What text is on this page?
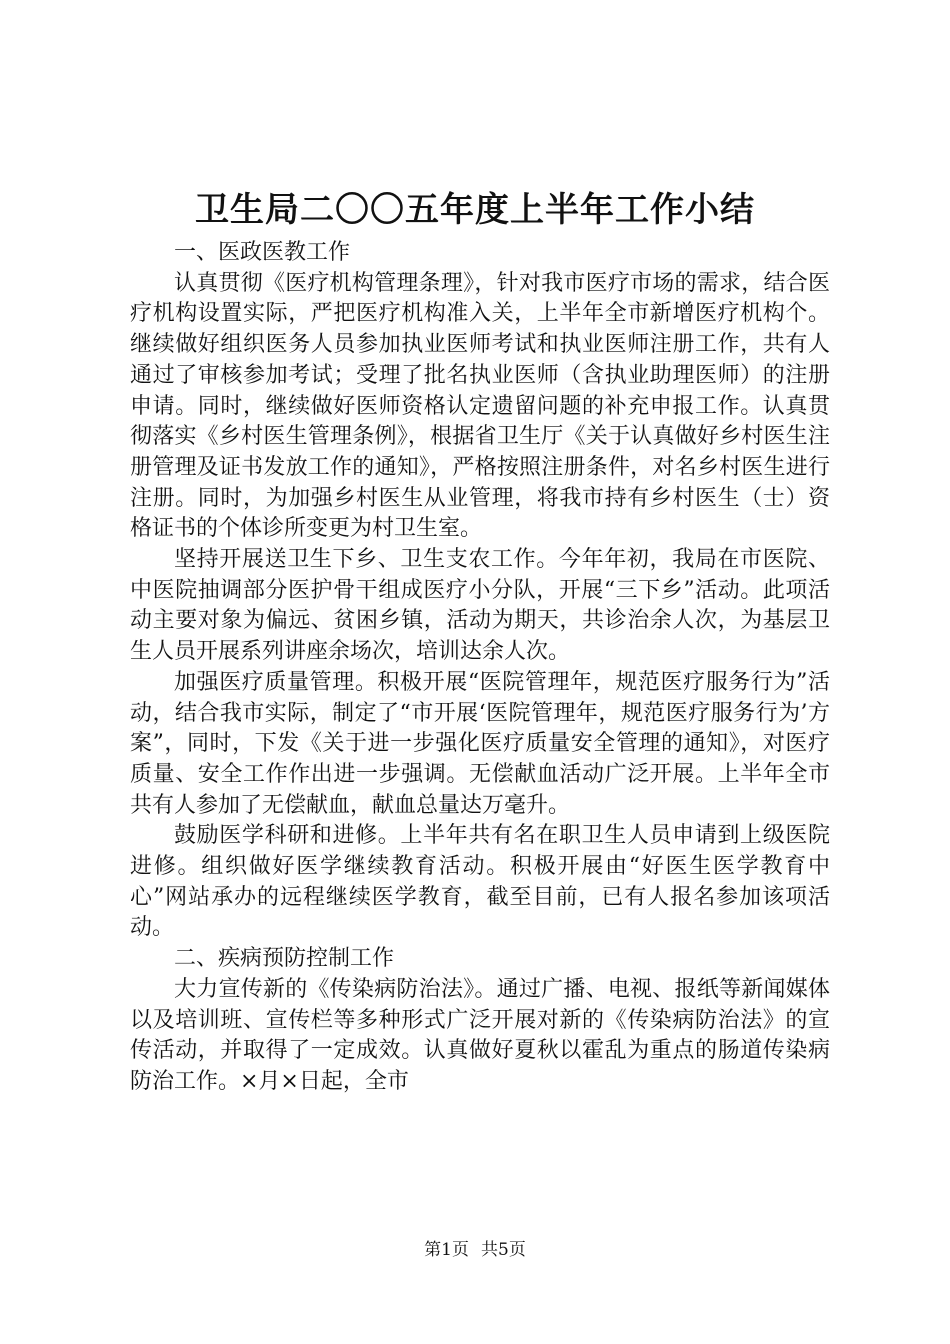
卫生局二〇〇五年度上半年工作小结

一、医政医教工作

认真贯彻《医疗机构管理条理》，针对我市医疗市场的需求，结合医疗机构设置实际，严把医疗机构准入关，上半年全市新增医疗机构个。继续做好组织医务人员参加执业医师考试和执业医师注册工作，共有人通过了审核参加考试；受理了批名执业医师（含执业助理医师）的注册申请。同时，继续做好医师资格认定遗留问题的补充申报工作。认真贯彻落实《乡村医生管理条例》，根据省卫生厅《关于认真做好乡村医生注册管理及证书发放工作的通知》，严格按照注册条件，对名乡村医生进行注册。同时，为加强乡村医生从业管理，将我市持有乡村医生（士）资格证书的个体诊所变更为村卫生室。

坚持开展送卫生下乡、卫生支农工作。今年年初，我局在市医院、中医院抽调部分医护骨干组成医疗小分队，开展“三下乡”活动。此项活动主要对象为偏远、贫困乡镇，活动为期天，共诊治余人次，为基层卫生人员开展系列讲座余场次，培训达余人次。

加强医疗质量管理。积极开展“医院管理年，规范医疗服务行为”活动，结合我市实际，制定了“市开展‘医院管理年，规范医疗服务行为’方案”，同时，下发《关于进一步强化医疗质量安全管理的通知》，对医疗质量、安全工作作出进一步强调。无偿献血活动广泛开展。上半年全市共有人参加了无偿献血，献血总量达万毫升。

鼓励医学科研和进修。上半年共有名在职卫生人员申请到上级医院进修。组织做好医学继续教育活动。积极开展由“好医生医学教育中心”网站承办的远程继续医学教育，截至目前，已有人报名参加该项活动。

二、疾病预防控制工作

大力宣传新的《传染病防治法》。通过广播、电视、报纸等新闻媒体以及培训班、宣传栏等多种形式广泛开展对新的《传染病防治法》的宣传活动，并取得了一定成效。认真做好夏秋以霍乱为重点的肠道传染病防治工作。×月×日起，全市

第1页 共5页
